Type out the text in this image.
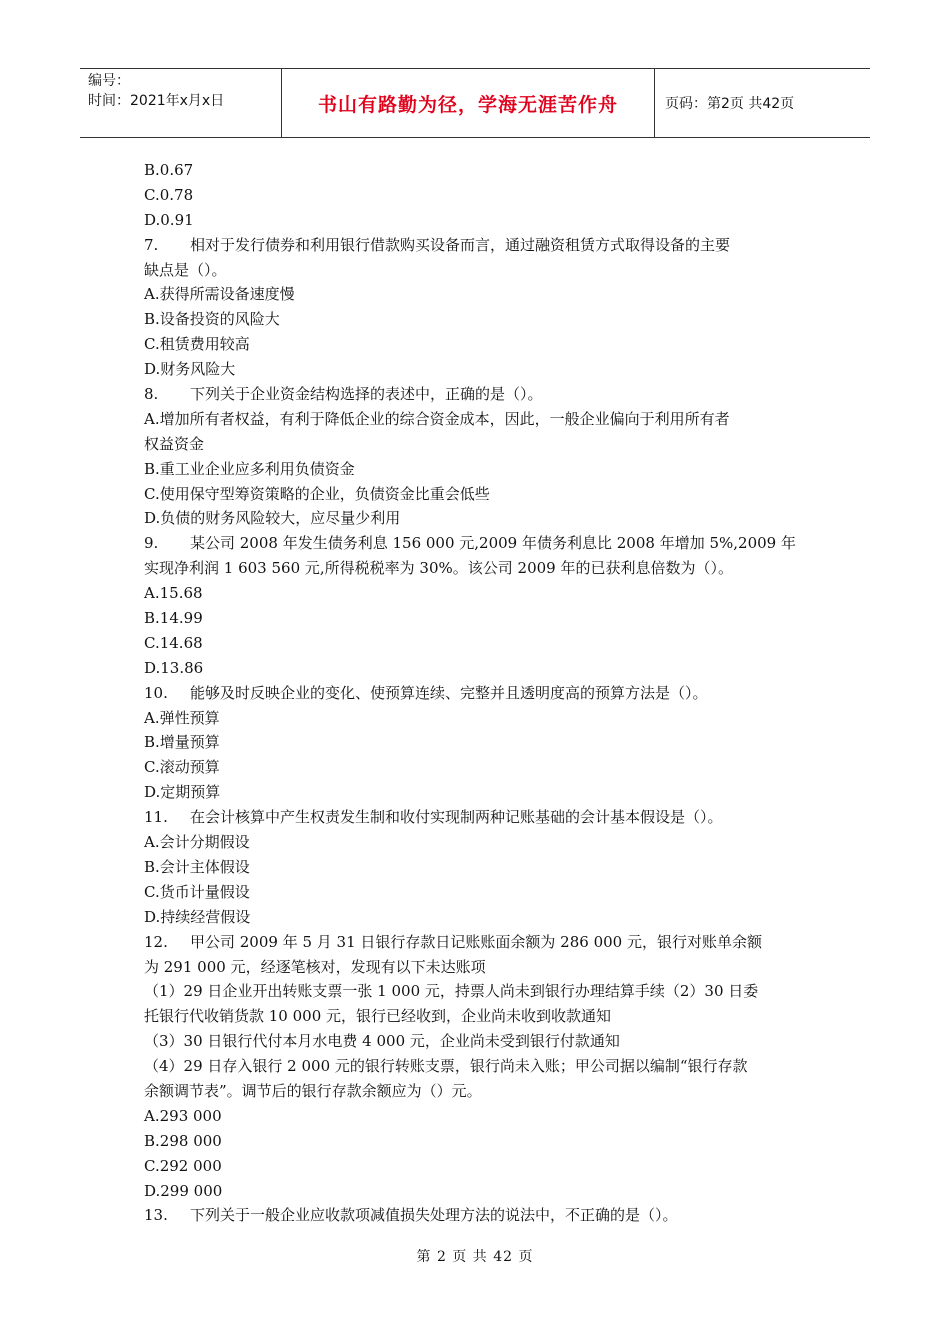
编号：
时间：2021年x月x日	书山有路勤为径，学海无涯苦作舟	页码：第2页 共42页
B.0.67
C.0.78
D.0.91
7.	相对于发行债券和利用银行借款购买设备而言，通过融资租赁方式取得设备的主要
缺点是（）。
A.获得所需设备速度慢
B.设备投资的风险大
C.租赁费用较高
D.财务风险大
8.	下列关于企业资金结构选择的表述中，正确的是（）。
A.增加所有者权益，有利于降低企业的综合资金成本，因此，一般企业偏向于利用所有者
权益资金
B.重工业企业应多利用负债资金
C.使用保守型筹资策略的企业，负债资金比重会低些
D.负债的财务风险较大，应尽量少利用
9.	某公司 2008 年发生债务利息 156 000 元,2009 年债务利息比 2008 年增加 5%,2009 年
实现净利润 1 603 560 元,所得税税率为 30%。该公司 2009 年的已获利息倍数为（）。
A.15.68
B.14.99
C.14.68
D.13.86
10.	能够及时反映企业的变化、使预算连续、完整并且透明度高的预算方法是（）。
A.弹性预算
B.增量预算
C.滚动预算
D.定期预算
11.	在会计核算中产生权责发生制和收付实现制两种记账基础的会计基本假设是（）。
A.会计分期假设
B.会计主体假设
C.货币计量假设
D.持续经营假设
12.	甲公司 2009 年 5 月 31 日银行存款日记账账面余额为 286 000 元，银行对账单余额
为 291 000 元，经逐笔核对，发现有以下未达账项
（1）29 日企业开出转账支票一张 1 000 元，持票人尚未到银行办理结算手续（2）30 日委
托银行代收销货款 10 000 元，银行已经收到，企业尚未收到收款通知
（3）30 日银行代付本月水电费 4 000 元，企业尚未受到银行付款通知
（4）29 日存入银行 2 000 元的银行转账支票，银行尚未入账；甲公司据以编制“银行存款
余额调节表”。调节后的银行存款余额应为（）元。
A.293 000
B.298 000
C.292 000
D.299 000
13.	下列关于一般企业应收款项减值损失处理方法的说法中，不正确的是（）。
第 2 页 共 42 页
